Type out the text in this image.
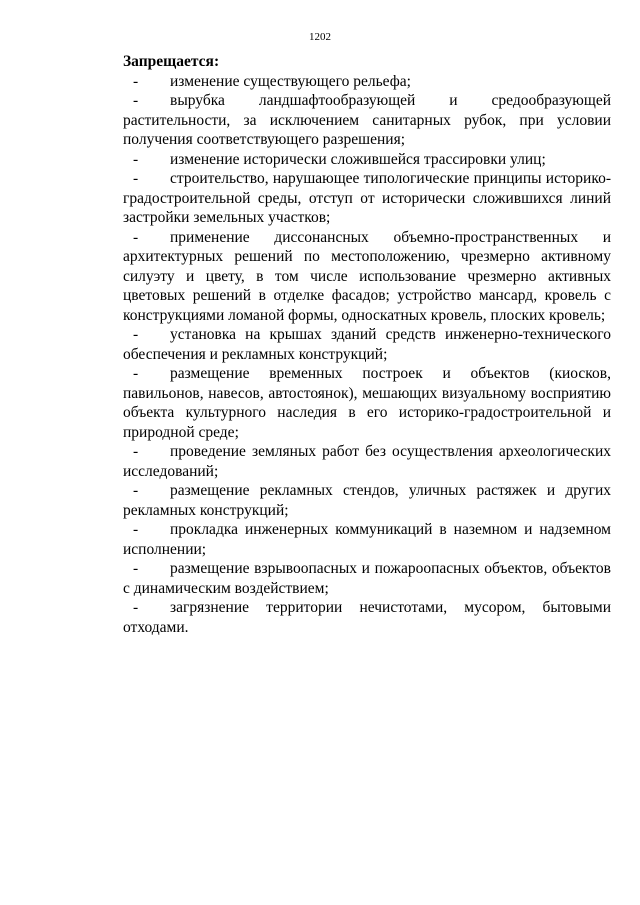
1202

Запрещается:

- изменение существующего рельефа;

- вырубка ландшафтообразующей и средообразующей растительности, за исключением санитарных рубок, при условии получения соответствующего разрешения;

- изменение исторически сложившейся трассировки улиц;

- строительство, нарушающее типологические принципы историко-градостроительной среды, отступ от исторически сложившихся линий застройки земельных участков;

- применение диссонансных объемно-пространственных и архитектурных решений по местоположению, чрезмерно активному силуэту и цвету, в том числе использование чрезмерно активных цветовых решений в отделке фасадов; устройство мансард, кровель с конструкциями ломаной формы, односкатных кровель, плоских кровель;

- установка на крышах зданий средств инженерно-технического обеспечения и рекламных конструкций;

- размещение временных построек и объектов (киосков, павильонов, навесов, автостоянок), мешающих визуальному восприятию объекта культурного наследия в его историко-градостроительной и природной среде;

- проведение земляных работ без осуществления археологических исследований;

- размещение рекламных стендов, уличных растяжек и других рекламных конструкций;

- прокладка инженерных коммуникаций в наземном и надземном исполнении;

- размещение взрывоопасных и пожароопасных объектов, объектов с динамическим воздействием;

- загрязнение территории нечистотами, мусором, бытовыми отходами.
